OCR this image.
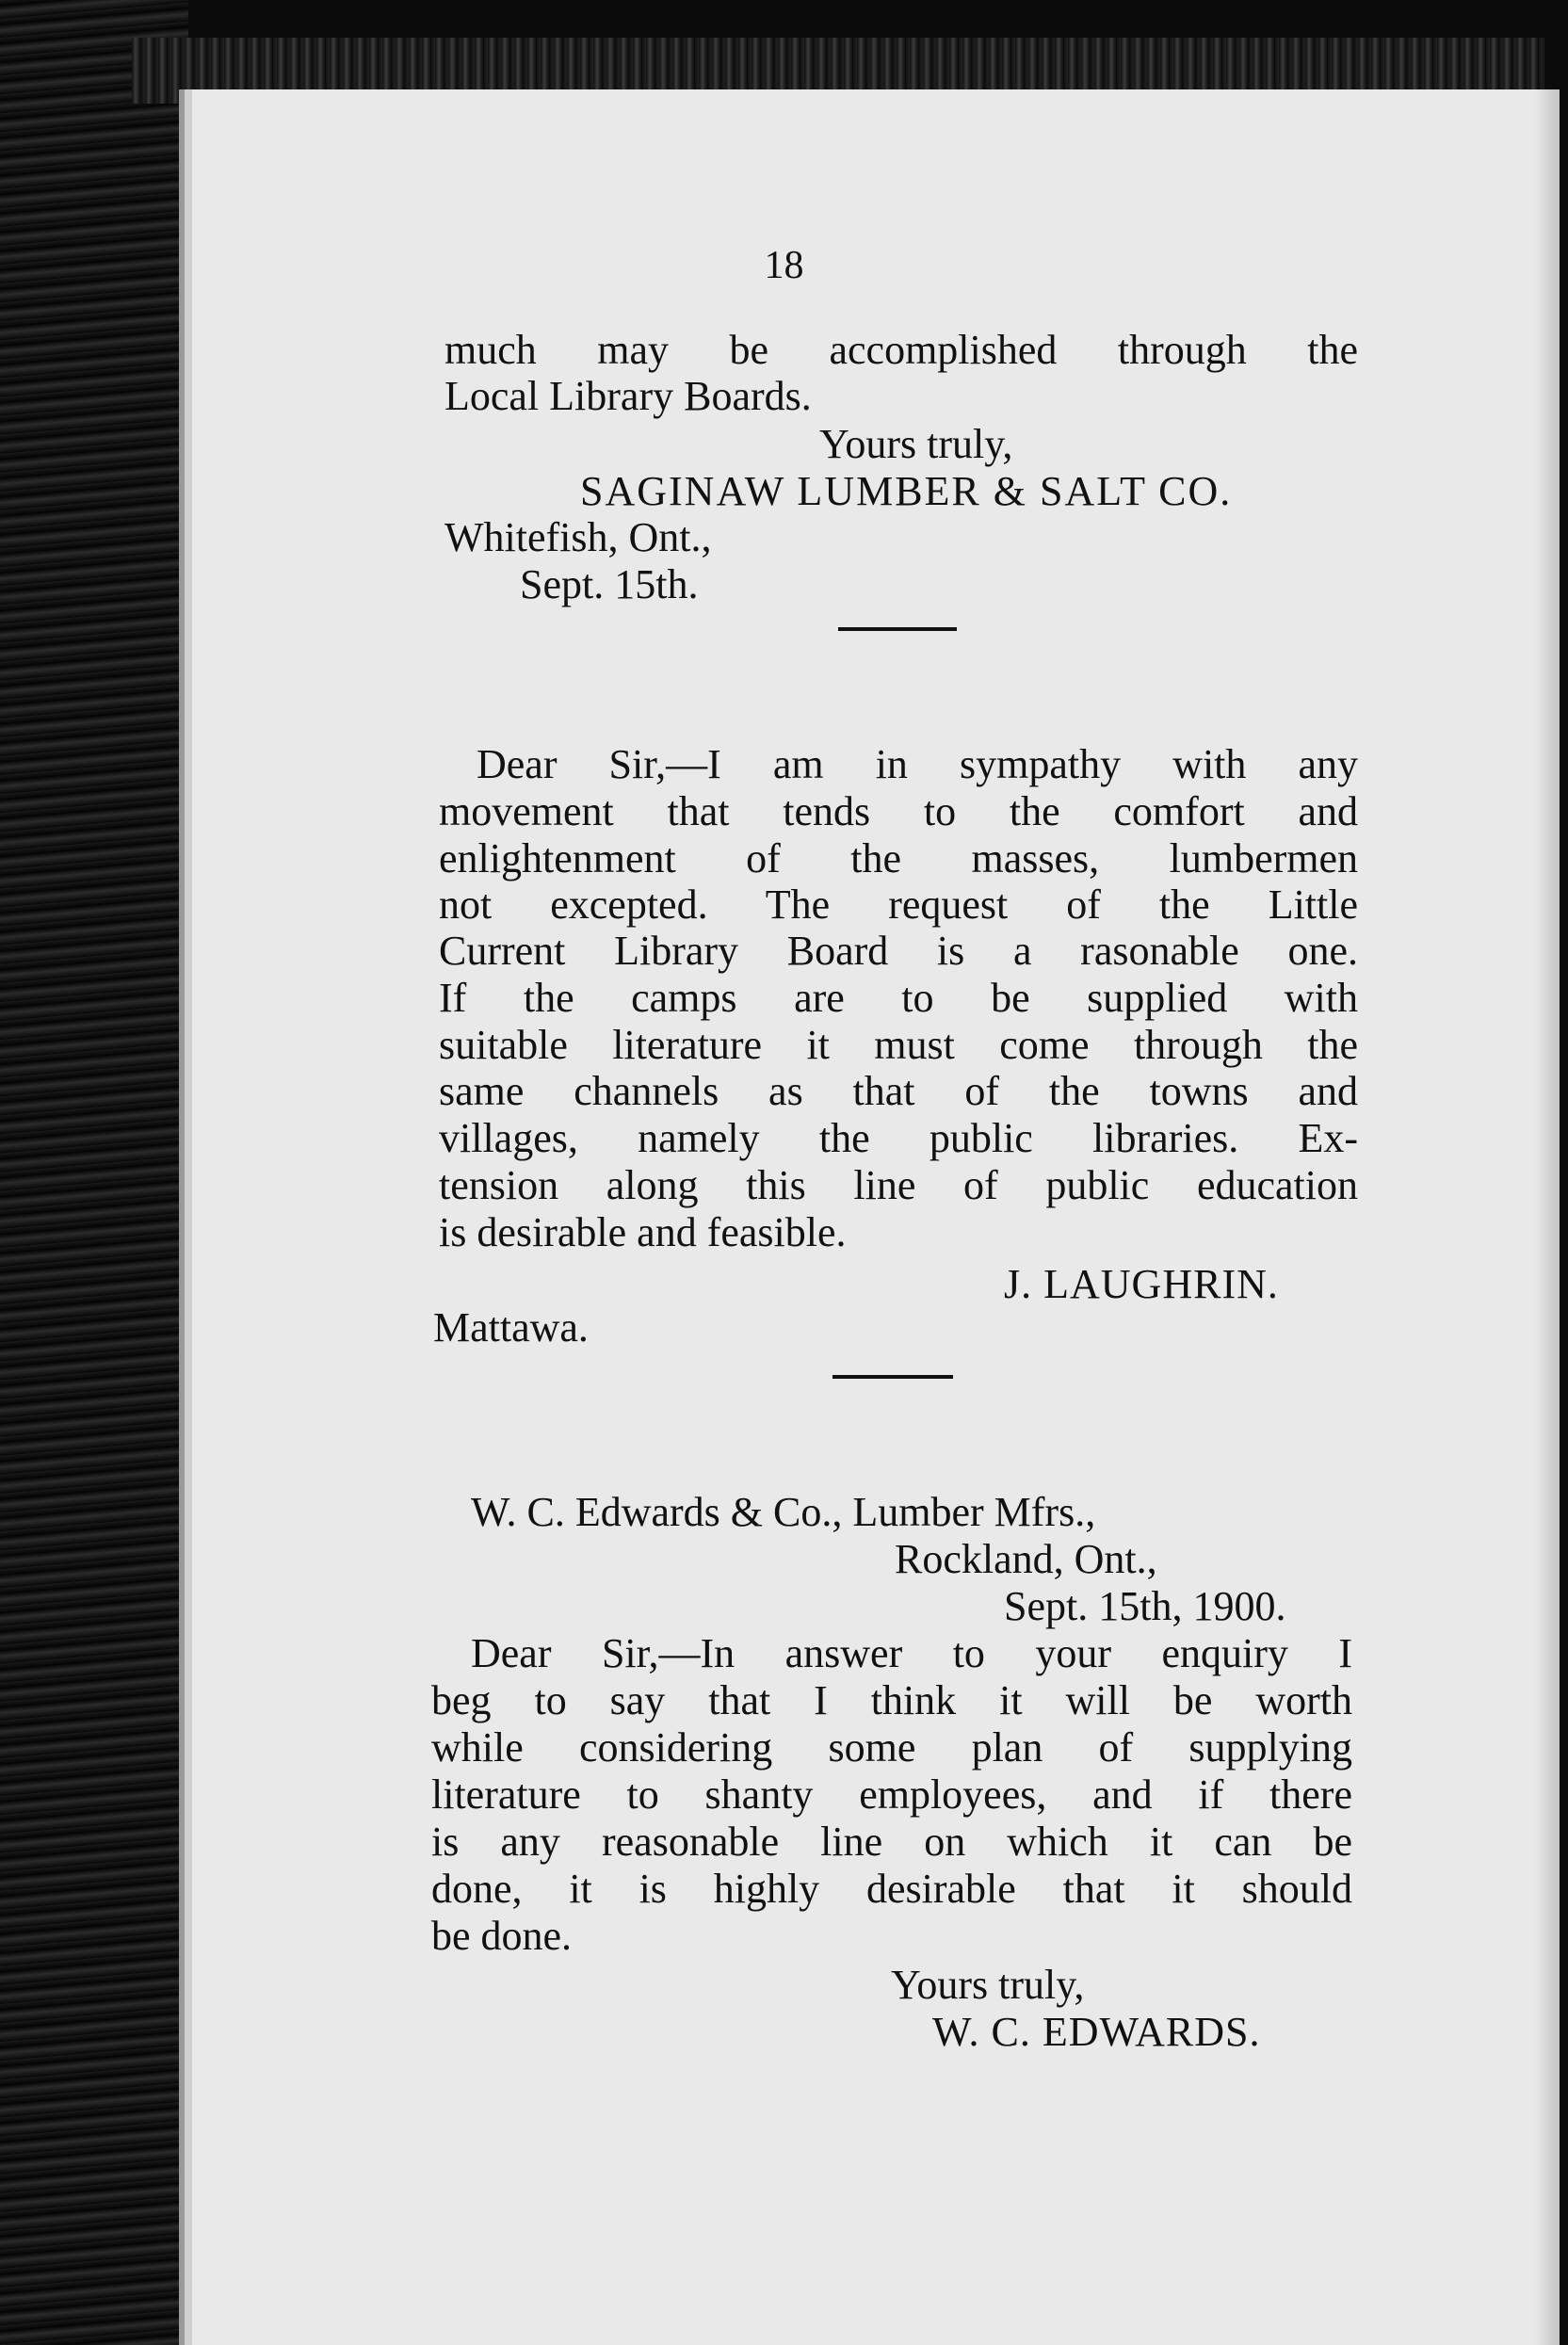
18
much may be accomplished through the
Local Library Boards.
Yours truly,
SAGINAW LUMBER & SALT CO.
Whitefish, Ont.,
Sept. 15th.
Dear Sir,—I am in sympathy with any
movement that tends to the comfort and
enlightenment of the masses, lumbermen
not excepted. The request of the Little
Current Library Board is a rasonable one.
If the camps are to be supplied with
suitable literature it must come through the
same channels as that of the towns and
villages, namely the public libraries. Ex-
tension along this line of public education
is desirable and feasible.
J. LAUGHRIN.
Mattawa.
W. C. Edwards & Co., Lumber Mfrs.,
Rockland, Ont.,
Sept. 15th, 1900.
Dear Sir,—In answer to your enquiry I
beg to say that I think it will be worth
while considering some plan of supplying
literature to shanty employees, and if there
is any reasonable line on which it can be
done, it is highly desirable that it should
be done.
Yours truly,
W. C. EDWARDS.
